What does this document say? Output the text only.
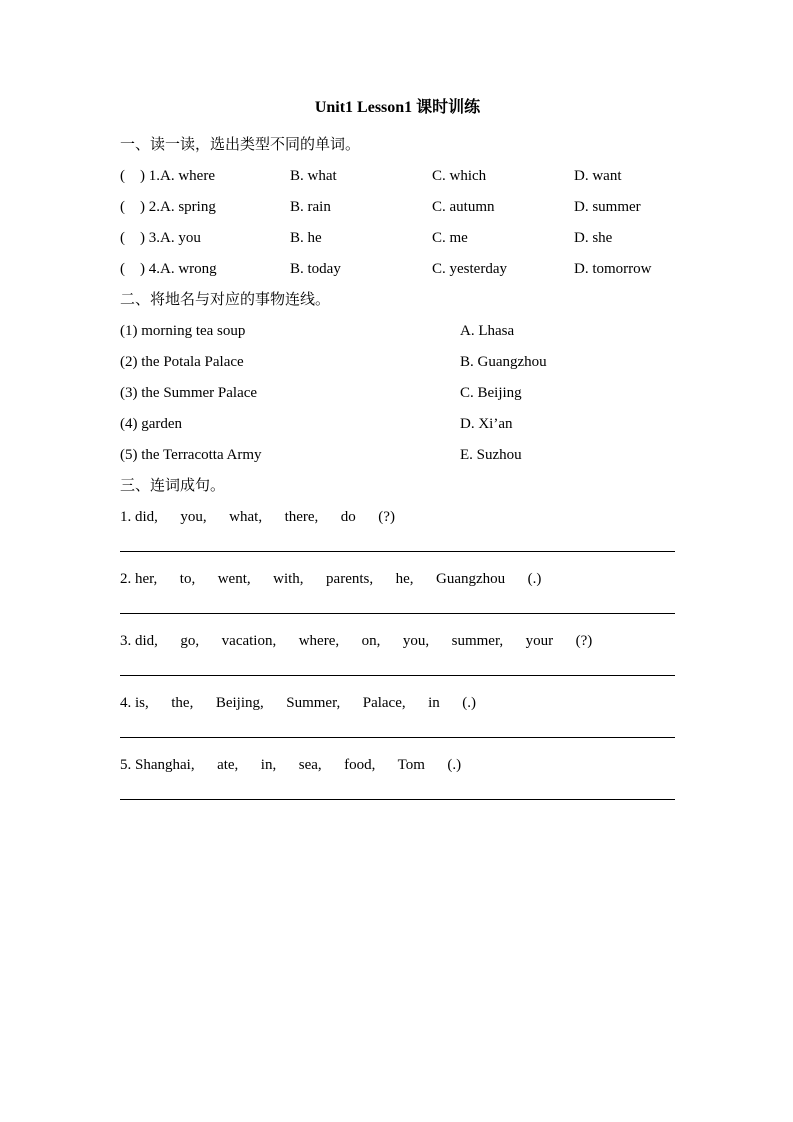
Unit1 Lesson1 课时训练
一、读一读，选出类型不同的单词。
(    ) 1. A. where	B. what	C. which	D. want
(    ) 2. A. spring	B. rain	C. autumn	D. summer
(    ) 3. A. you	B. he	C. me	D. she
(    ) 4. A. wrong	B. today	C. yesterday	D. tomorrow
二、将地名与对应的事物连线。
(1) morning tea soup	A. Lhasa
(2) the Potala Palace	B. Guangzhou
(3) the Summer Palace	C. Beijing
(4) garden	D. Xi’an
(5) the Terracotta Army	E. Suzhou
三、连词成句。
1. did,      you,      what,      there,      do      (?)
2. her,      to,      went,      with,      parents,      he,      Guangzhou      (.)
3. did,      go,      vacation,      where,      on,      you,      summer,      your      (?)
4. is,      the,      Beijing,      Summer,      Palace,      in      (.)
5. Shanghai,      ate,      in,      sea,      food,      Tom      (.)
